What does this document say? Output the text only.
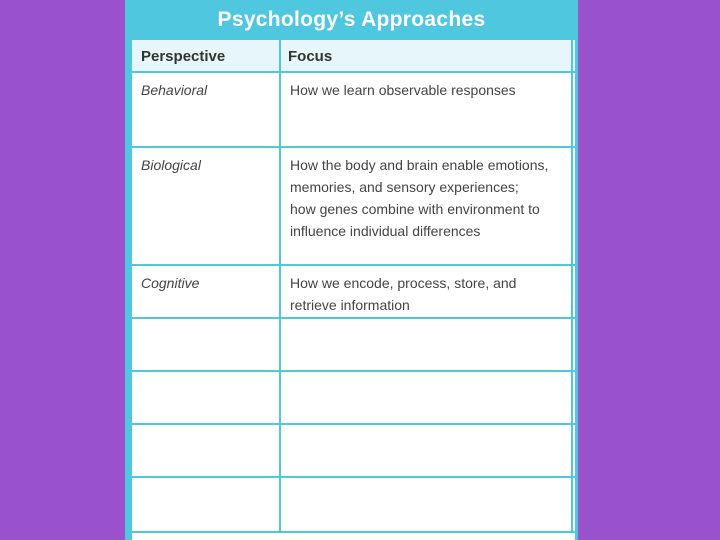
Psychology’s Approaches
Perspective	Focus
Behavioral	How we learn observable responses
Biological	How the body and brain enable emotions,
memories, and sensory experiences;
how genes combine with environment to
influence individual differences
Cognitive	How we encode, process, store, and
retrieve information
